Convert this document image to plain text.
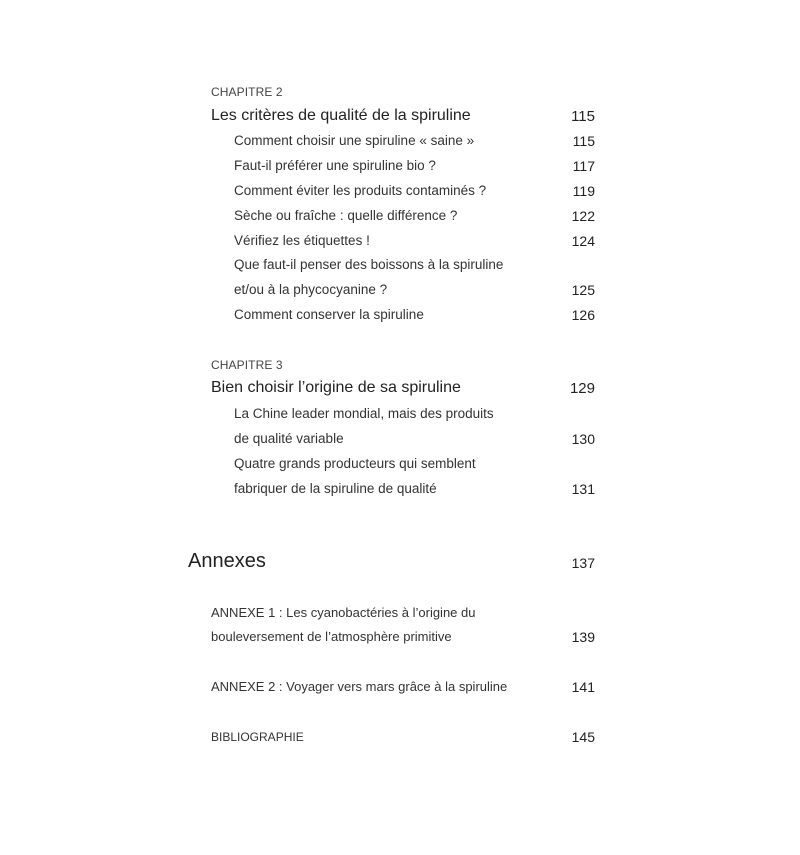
CHAPITRE 2
Les critères de qualité de la spiruline	115
Comment choisir une spiruline « saine »	115
Faut-il préférer une spiruline bio ?	117
Comment éviter les produits contaminés ?	119
Sèche ou fraîche : quelle différence ?	122
Vérifiez les étiquettes !	124
Que faut-il penser des boissons à la spiruline
et/ou à la phycocyanine ?	125
Comment conserver la spiruline	126
CHAPITRE 3
Bien choisir l’origine de sa spiruline	129
La Chine leader mondial, mais des produits
de qualité variable	130
Quatre grands producteurs qui semblent
fabriquer de la spiruline de qualité	131
Annexes	137
ANNEXE 1 : Les cyanobactéries à l’origine du
bouleversement de l’atmosphère primitive	139
ANNEXE 2 : Voyager vers mars grâce à la spiruline	141
BIBLIOGRAPHIE	145
